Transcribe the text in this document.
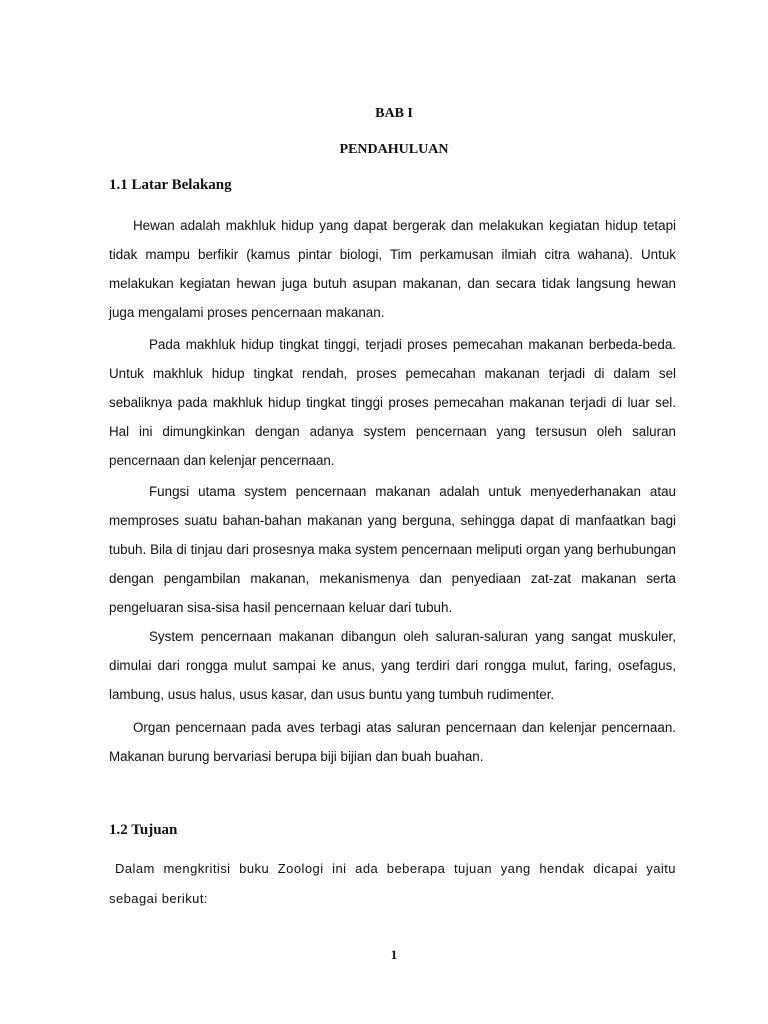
BAB I
PENDAHULUAN
1.1 Latar Belakang

Hewan adalah makhluk hidup yang dapat bergerak dan melakukan kegiatan hidup tetapi tidak mampu berfikir (kamus pintar biologi, Tim perkamusan ilmiah citra wahana). Untuk melakukan kegiatan hewan juga butuh asupan makanan, dan secara tidak langsung hewan juga mengalami proses pencernaan makanan.

Pada makhluk hidup tingkat tinggi, terjadi proses pemecahan makanan berbeda-beda. Untuk makhluk hidup tingkat rendah, proses pemecahan makanan terjadi di dalam sel sebaliknya pada makhluk hidup tingkat tinggi proses pemecahan makanan terjadi di luar sel. Hal ini dimungkinkan dengan adanya system pencernaan yang tersusun oleh saluran pencernaan dan kelenjar pencernaan.

Fungsi utama system pencernaan makanan adalah untuk menyederhanakan atau memproses suatu bahan-bahan makanan yang berguna, sehingga dapat di manfaatkan bagi tubuh. Bila di tinjau dari prosesnya maka system pencernaan meliputi organ yang berhubungan dengan pengambilan makanan, mekanismenya dan penyediaan zat-zat makanan serta pengeluaran sisa-sisa hasil pencernaan keluar dari tubuh.

System pencernaan makanan dibangun oleh saluran-saluran yang sangat muskuler, dimulai dari rongga mulut sampai ke anus, yang terdiri dari rongga mulut, faring, osefagus, lambung, usus halus, usus kasar, dan usus buntu yang tumbuh rudimenter.

Organ pencernaan pada aves terbagi atas saluran pencernaan dan kelenjar pencernaan. Makanan burung bervariasi berupa biji bijian dan buah buahan.

1.2 Tujuan

Dalam mengkritisi buku Zoologi ini ada beberapa tujuan yang hendak dicapai yaitu sebagai berikut:

1
